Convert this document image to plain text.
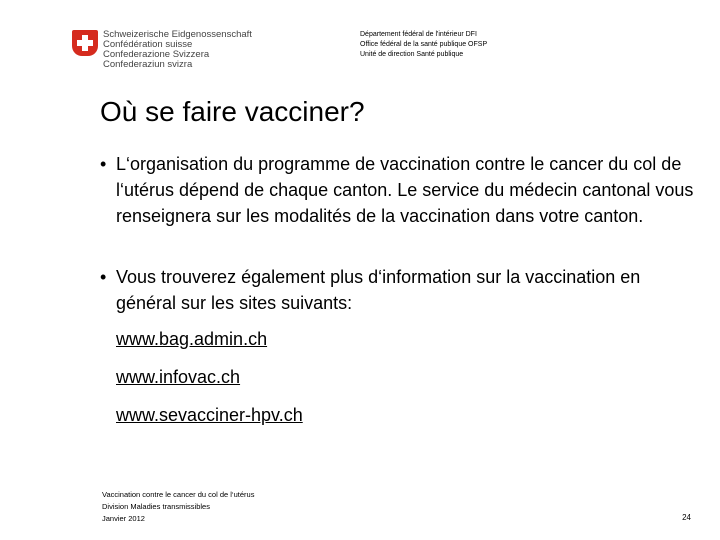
Schweizerische Eidgenossenschaft
Confédération suisse
Confederazione Svizzera
Confederaziun svizra
Département fédéral de l'intérieur DFI
Office fédéral de la santé publique OFSP
Unité de direction Santé publique
Où se faire vacciner?
• L‘organisation du programme de vaccination contre le cancer du col de l‘utérus dépend de chaque canton. Le service du médecin cantonal vous renseignera sur les modalités de la vaccination dans votre canton.
• Vous trouverez également plus d‘information sur la vaccination en général sur les sites suivants:
www.bag.admin.ch
www.infovac.ch
www.sevacciner-hpv.ch
Vaccination contre le cancer du col de l‘utérus
Division Maladies transmissibles
Janvier 2012	24
